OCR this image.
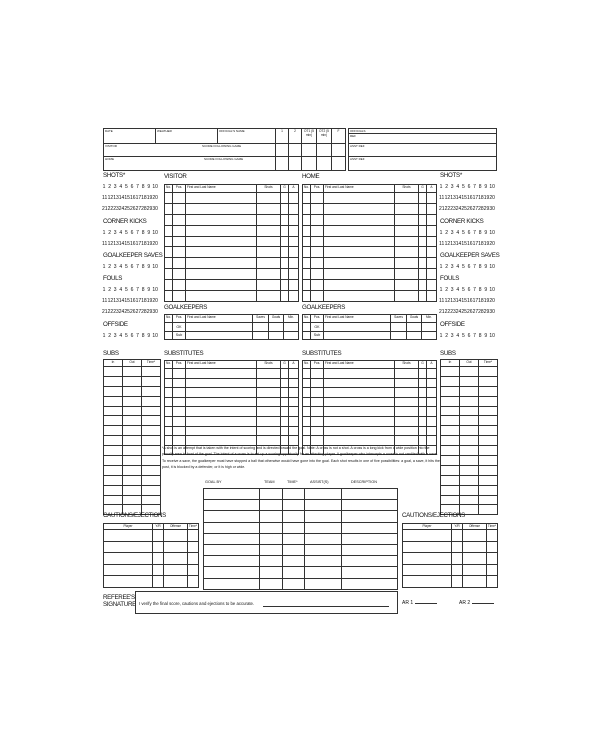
DATE	WEATHER	OFFICIAL'S NAME	1	2	OT1 (5 min)	OT2 (5 min)	F
VISITOR SCORE FOLLOWING GAME							
HOME SCORE FOLLOWING GAME							
OFFICIALS
REF
ASST REF
ASST REF
SHOTS*
1 2 3 4 5 6 7 8 9 10
11 12 13 14 15 16 17 18 19 20
21 22 23 24 25 26 27 28 29 30
CORNER KICKS
1 2 3 4 5 6 7 8 9 10
11 12 13 14 15 16 17 18 19 20
GOALKEEPER SAVES
1 2 3 4 5 6 7 8 9 10
FOULS
1 2 3 4 5 6 7 8 9 10
11 12 13 14 15 16 17 18 19 20
21 22 23 24 25 26 27 28 29 30
OFFSIDE
1 2 3 4 5 6 7 8 9 10
SUBS
SHOTS*
1 2 3 4 5 6 7 8 9 10
11 12 13 14 15 16 17 18 19 20
21 22 23 24 25 26 27 28 29 30
CORNER KICKS
1 2 3 4 5 6 7 8 9 10
11 12 13 14 15 16 17 18 19 20
GOALKEEPER SAVES
1 2 3 4 5 6 7 8 9 10
FOULS
1 2 3 4 5 6 7 8 9 10
11 12 13 14 15 16 17 18 19 20
21 22 23 24 25 26 27 28 29 30
OFFSIDE
1 2 3 4 5 6 7 8 9 10
SUBS
VISITOR	HOME
GOALKEEPERS	GOALKEEPERS
SUBSTITUTES	SUBSTITUTES
No.	Pos.	First and Last Name	Shots	G	A

No.	Pos.	First and Last Name	Saves	Goals	Min.
	GK				
	Sub				
No.	Pos.	First and Last Name	Shots	G	A

No.	Pos.	First and Last Name	Shots	G	A

No.	Pos.	First and Last Name	Saves	Goals	Min.
	GK				
	Sub				
No.	Pos.	First and Last Name	Shots	G	A

In	Out	Time*

			In	Out	Time*

GOAL BY	TEAM	TIME*	ASSIST(S)	DESCRIPTION
Player	Y/R	Offense	Time*

				Player	Y/R	Offense	Time*

*A shot is an attempt that is taken with the intent of scoring and is directed toward the goal. Note: A cross is not a shot. A cross is a long kick from a wide position into the penalty area in front of the goal. The intent of a cross is to set up a scoring opportunity for an attacking player. A goalkeeper who intercepts a cross is not credited with a save. To receive a save, the goalkeeper must have stopped a ball that otherwise would have gone into the goal. Each shot results in one of five possibilities: a goal, a save, it hits the post, it is blocked by a defender, or it is high or wide.
CAUTIONS/EJECTIONS	CAUTIONS/EJECTIONS
REFEREE'S
SIGNATURE I verify the final score, cautions and ejections to be accurate.	AR 1	AR 2
